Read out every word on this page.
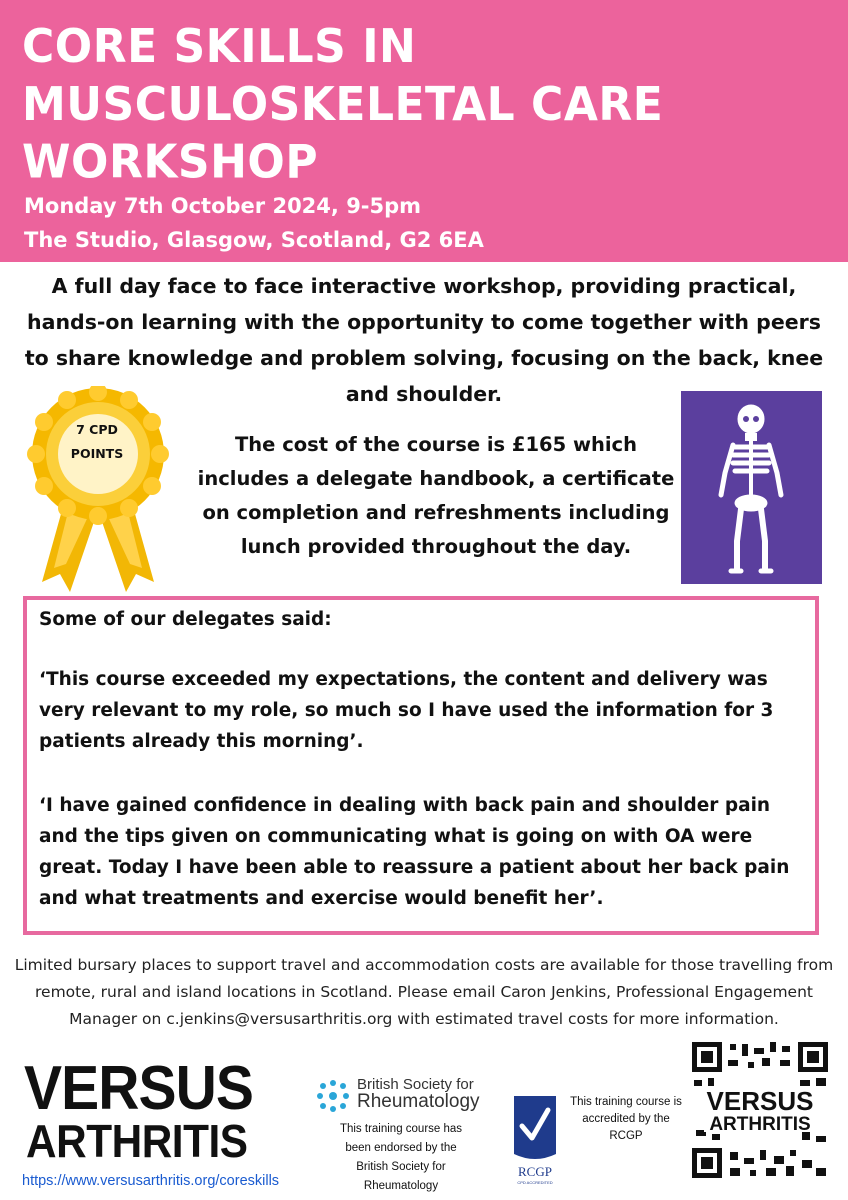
CORE SKILLS IN
MUSCULOSKELETAL CARE
WORKSHOP
Monday 7th October 2024, 9-5pm
The Studio, Glasgow, Scotland, G2 6EA

A full day face to face interactive workshop, providing practical, hands-on learning with the opportunity to come together with peers to share knowledge and problem solving, focusing on the back, knee and shoulder.

7 CPD
POINTS	The cost of the course is £165 which includes a delegate handbook, a certificate on completion and refreshments including lunch provided throughout the day.

Some of our delegates said:

‘This course exceeded my expectations, the content and delivery was very relevant to my role, so much so I have used the information for 3 patients already this morning’.

‘I have gained confidence in dealing with back pain and shoulder pain and the tips given on communicating what is going on with OA were great. Today I have been able to reassure a patient about her back pain and what treatments and exercise would benefit her’.

Limited bursary places to support travel and accommodation costs are available for those travelling from remote, rural and island locations in Scotland. Please email Caron Jenkins, Professional Engagement Manager on c.jenkins@versusarthritis.org with estimated travel costs for more information.

VERSUS
ARTHRITIS
https://www.versusarthritis.org/coreskills
British Society for
Rheumatology
This training course has been endorsed by the British Society for Rheumatology
RCGP
CPD ACCREDITED
This training course is accredited by the RCGP
VERSUS
ARTHRITIS
